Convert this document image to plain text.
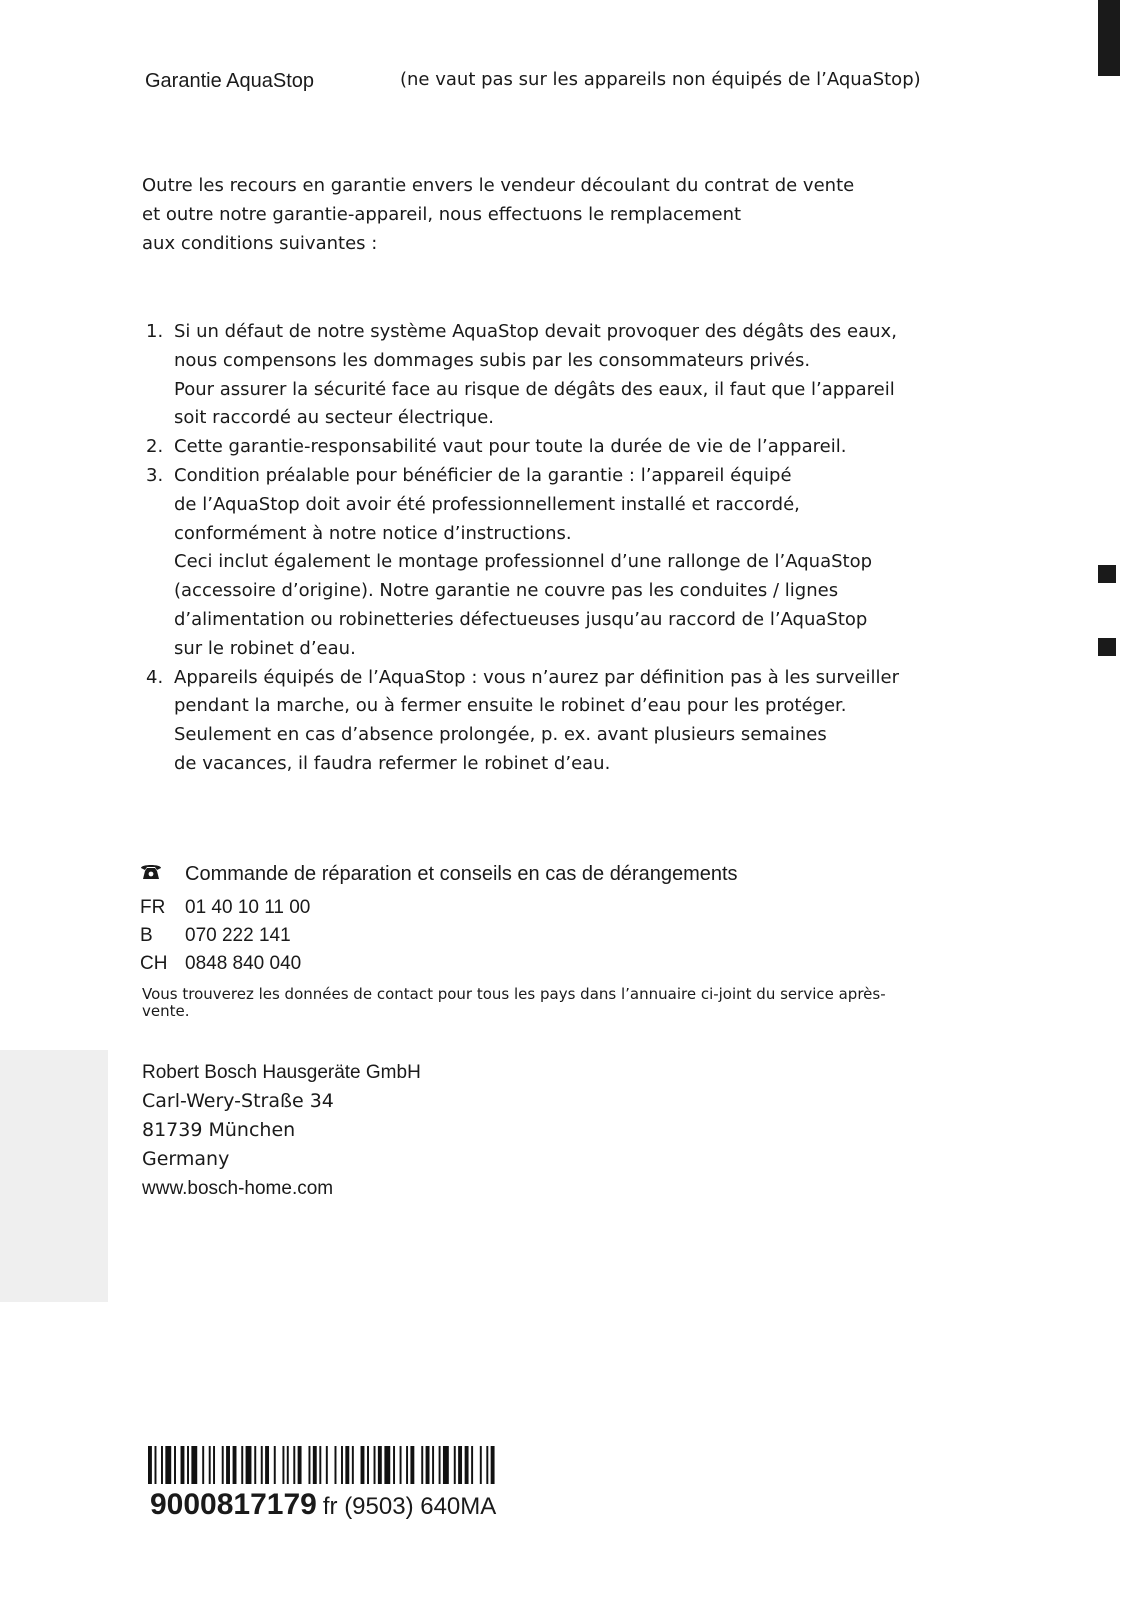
Garantie AquaStop	(ne vaut pas sur les appareils non équipés de l’AquaStop)
Outre les recours en garantie envers le vendeur découlant du contrat de vente
et outre notre garantie-appareil, nous effectuons le remplacement
aux conditions suivantes :
1. Si un défaut de notre système AquaStop devait provoquer des dégâts des eaux,
nous compensons les dommages subis par les consommateurs privés.
Pour assurer la sécurité face au risque de dégâts des eaux, il faut que l’appareil
soit raccordé au secteur électrique.
2. Cette garantie-responsabilité vaut pour toute la durée de vie de l’appareil.
3. Condition préalable pour bénéficier de la garantie : l’appareil équipé
de l’AquaStop doit avoir été professionnellement installé et raccordé,
conformément à notre notice d’instructions.
Ceci inclut également le montage professionnel d’une rallonge de l’AquaStop
(accessoire d’origine). Notre garantie ne couvre pas les conduites / lignes
d’alimentation ou robinetteries défectueuses jusqu’au raccord de l’AquaStop
sur le robinet d’eau.
4. Appareils équipés de l’AquaStop : vous n’aurez par définition pas à les surveiller
pendant la marche, ou à fermer ensuite le robinet d’eau pour les protéger.
Seulement en cas d’absence prolongée, p. ex. avant plusieurs semaines
de vacances, il faudra refermer le robinet d’eau.
Commande de réparation et conseils en cas de dérangements
FR	01 40 10 11 00
B	070 222 141
CH 0848 840 040
Vous trouverez les données de contact pour tous les pays dans l’annuaire ci-joint du service après-vente.
Robert Bosch Hausgeräte GmbH
Carl-Wery-Straße 34
81739 München
Germany
www.bosch-home.com
9000817179 fr (9503) 640MA
